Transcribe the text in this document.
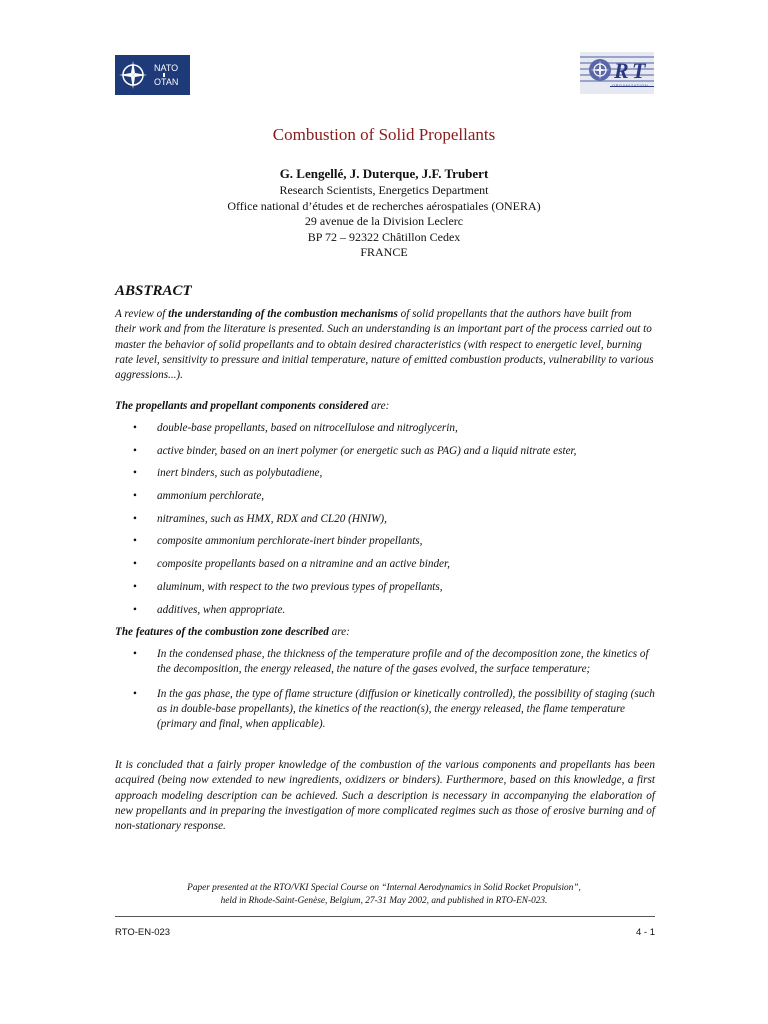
NATO
OTAN	R T
ORGANIZATION
Combustion of Solid Propellants
G. Lengellé, J. Duterque, J.F. Trubert
Research Scientists, Energetics Department
Office national d’études et de recherches aérospatiales (ONERA)
29 avenue de la Division Leclerc
BP 72 – 92322 Châtillon Cedex
FRANCE
ABSTRACT
A review of the understanding of the combustion mechanisms of solid propellants that the authors have built from their work and from the literature is presented. Such an understanding is an important part of the process carried out to master the behavior of solid propellants and to obtain desired characteristics (with respect to energetic level, burning rate level, sensitivity to pressure and initial temperature, nature of emitted combustion products, vulnerability to various aggressions...).
The propellants and propellant components considered are:
• double-base propellants, based on nitrocellulose and nitroglycerin,
• active binder, based on an inert polymer (or energetic such as PAG) and a liquid nitrate ester,
• inert binders, such as polybutadiene,
• ammonium perchlorate,
• nitramines, such as HMX, RDX and CL20 (HNIW),
• composite ammonium perchlorate-inert binder propellants,
• composite propellants based on a nitramine and an active binder,
• aluminum, with respect to the two previous types of propellants,
• additives, when appropriate.
The features of the combustion zone described are:
• In the condensed phase, the thickness of the temperature profile and of the decomposition zone, the kinetics of the decomposition, the energy released, the nature of the gases evolved, the surface temperature;
• In the gas phase, the type of flame structure (diffusion or kinetically controlled), the possibility of staging (such as in double-base propellants), the kinetics of the reaction(s), the energy released, the flame temperature (primary and final, when applicable).
It is concluded that a fairly proper knowledge of the combustion of the various components and propellants has been acquired (being now extended to new ingredients, oxidizers or binders). Furthermore, based on this knowledge, a first approach modeling description can be achieved. Such a description is necessary in accompanying the elaboration of new propellants and in preparing the investigation of more complicated regimes such as those of erosive burning and of non-stationary response.
Paper presented at the RTO/VKI Special Course on “Internal Aerodynamics in Solid Rocket Propulsion”,
held in Rhode-Saint-Genèse, Belgium, 27-31 May 2002, and published in RTO-EN-023.
RTO-EN-023	4 - 1
